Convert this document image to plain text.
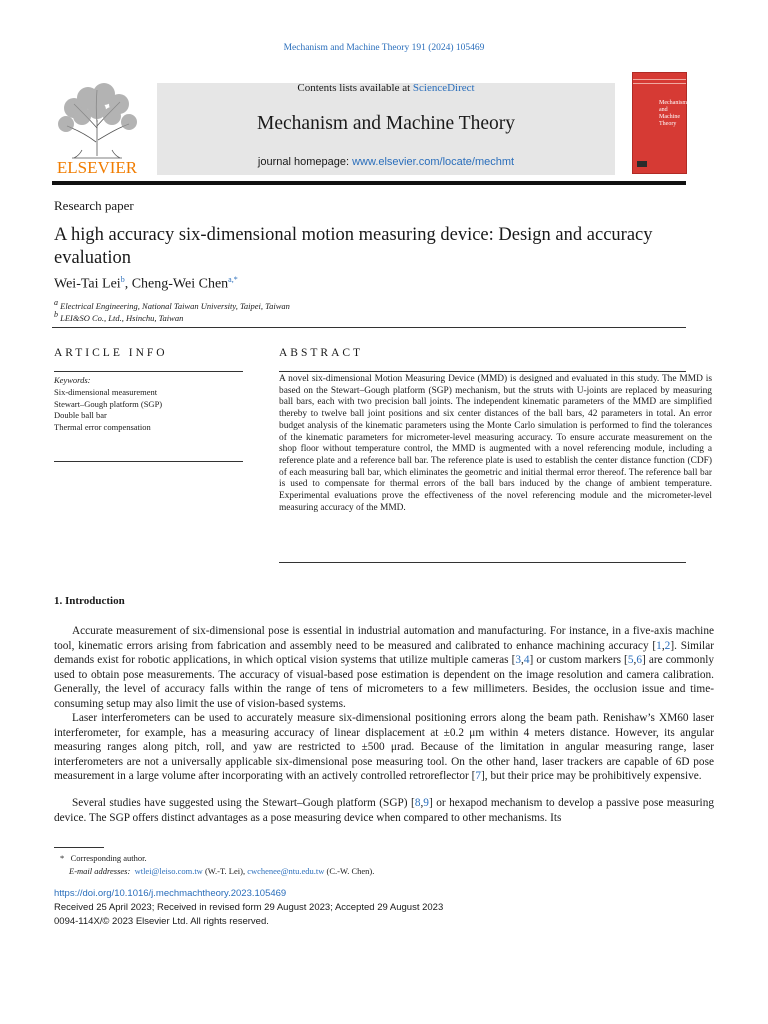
Mechanism and Machine Theory 191 (2024) 105469
ELSEVIER
Contents lists available at ScienceDirect
Mechanism and Machine Theory
journal homepage: www.elsevier.com/locate/mechmt
Mechanism and Machine Theory
Research paper
A high accuracy six-dimensional motion measuring device: Design and accuracy evaluation
Wei-Tai Lei$^b$, Cheng-Wei Chen$^{a,*}$
$^a$ Electrical Engineering, National Taiwan University, Taipei, Taiwan
$^b$ LEI&SO Co., Ltd., Hsinchu, Taiwan
ARTICLE INFO	ABSTRACT
Keywords:
Six-dimensional measurement
Stewart–Gough platform (SGP)
Double ball bar
Thermal error compensation
A novel six-dimensional Motion Measuring Device (MMD) is designed and evaluated in this study. The MMD is based on the Stewart–Gough platform (SGP) mechanism, but the struts with U-joints are replaced by measuring ball bars, each with two precision ball joints. The independent kinematic parameters of the MMD are simplified thereby to twelve ball joint positions and six center distances of the ball bars, 42 parameters in total. An error budget analysis of the kinematic parameters using the Monte Carlo simulation is performed to find the tolerances of the kinematic parameters for micrometer-level measuring accuracy. To ensure accurate measurement on the shop floor without temperature control, the MMD is augmented with a novel referencing module, including a reference plate and a reference ball bar. The reference plate is used to establish the center distance function (CDF) of each measuring ball bar, which eliminates the geometric and initial thermal error thereof. The reference ball bar is used to compensate for thermal errors of the ball bars induced by the change of ambient temperature. Experimental evaluations prove the effectiveness of the novel referencing module and the micrometer-level measuring accuracy of the MMD.
1. Introduction
Accurate measurement of six-dimensional pose is essential in industrial automation and manufacturing. For instance, in a five-axis machine tool, kinematic errors arising from fabrication and assembly need to be measured and calibrated to enhance machining accuracy [1,2]. Similar demands exist for robotic applications, in which optical vision systems that utilize multiple cameras [3,4] or custom markers [5,6] are commonly used to obtain pose measurements. The accuracy of visual-based pose estimation is dependent on the image resolution and camera calibration. Generally, the level of accuracy falls within the range of tens of micrometers to a few millimeters. Besides, the occlusion issue and time-consuming setup may also limit the use of vision-based systems.
Laser interferometers can be used to accurately measure six-dimensional positioning errors along the beam path. Renishaw’s XM60 laser interferometer, for example, has a measuring accuracy of linear displacement at ±0.2 μm within 4 meters distance. However, its angular measuring ranges along pitch, roll, and yaw are restricted to ±500 μrad. Because of the limitation in angular measuring range, laser interferometers are not a universally applicable six-dimensional pose measuring tool. On the other hand, laser trackers are capable of 6D pose measurement in a large volume after incorporating with an actively controlled retroreflector [7], but their price may be prohibitively expensive.
Several studies have suggested using the Stewart–Gough platform (SGP) [8,9] or hexapod mechanism to develop a passive pose measuring device. The SGP offers distinct advantages as a pose measuring device when compared to other mechanisms. Its
* Corresponding author.
E-mail addresses: wtlei@leiso.com.tw (W.-T. Lei), cwchenee@ntu.edu.tw (C.-W. Chen).
https://doi.org/10.1016/j.mechmachtheory.2023.105469
Received 25 April 2023; Received in revised form 29 August 2023; Accepted 29 August 2023
0094-114X/© 2023 Elsevier Ltd. All rights reserved.
